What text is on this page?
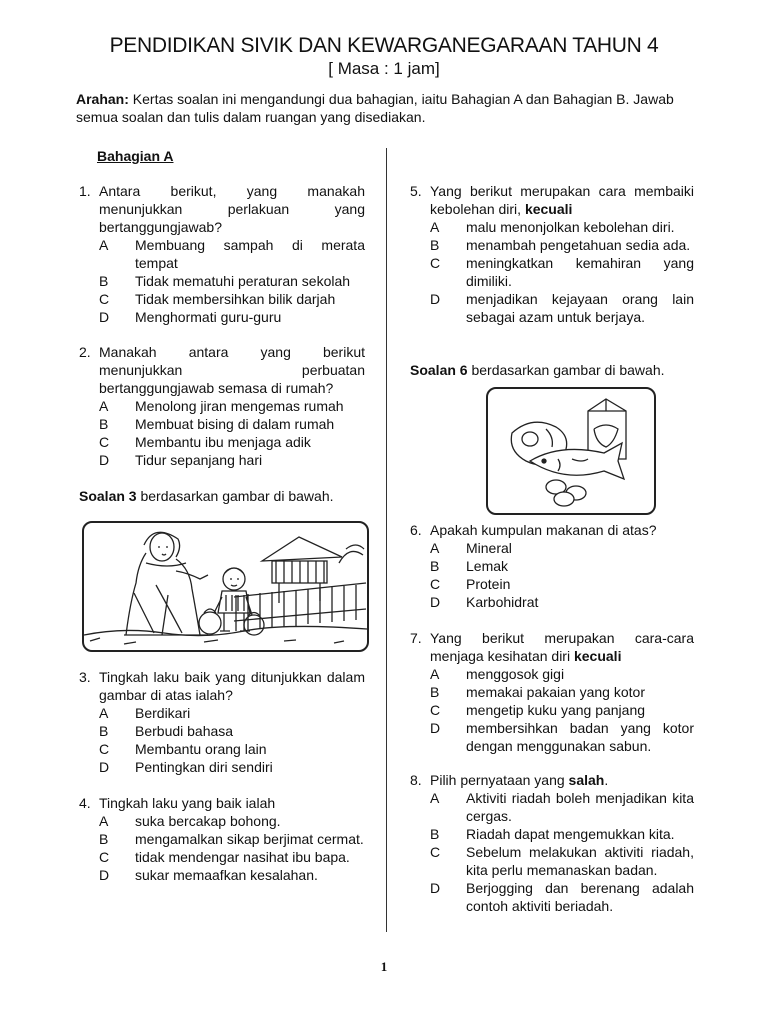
PENDIDIKAN SIVIK DAN KEWARGANEGARAAN TAHUN 4
[ Masa : 1 jam]
Arahan: Kertas soalan ini mengandungi dua bahagian, iaitu Bahagian A dan Bahagian B. Jawab semua soalan dan tulis dalam ruangan yang disediakan.
Bahagian A
1. Antara berikut, yang manakah menunjukkan perlakuan yang bertanggungjawab?
A	Membuang sampah di merata tempat
B	Tidak mematuhi peraturan sekolah
C	Tidak membersihkan bilik darjah
D	Menghormati guru-guru
2. Manakah antara yang berikut menunjukkan perbuatan bertanggungjawab semasa di rumah?
A	Menolong jiran mengemas rumah
B	Membuat bising di dalam rumah
C	Membantu ibu menjaga adik
D	Tidur sepanjang hari
Soalan 3 berdasarkan gambar di bawah.
3. Tingkah laku baik yang ditunjukkan dalam gambar di atas ialah?
A	Berdikari
B	Berbudi bahasa
C	Membantu orang lain
D	Pentingkan diri sendiri
4. Tingkah laku yang baik ialah
A	suka bercakap bohong.
B	mengamalkan sikap berjimat cermat.
C	tidak mendengar nasihat ibu bapa.
D	sukar memaafkan kesalahan.
5. Yang berikut merupakan cara membaiki kebolehan diri, kecuali
A	malu menonjolkan kebolehan diri.
B	menambah pengetahuan sedia ada.
C	meningkatkan kemahiran yang dimiliki.
D	menjadikan kejayaan orang lain sebagai azam untuk berjaya.
Soalan 6 berdasarkan gambar di bawah.
6. Apakah kumpulan makanan di atas?
A	Mineral
B	Lemak
C	Protein
D	Karbohidrat
7. Yang berikut merupakan cara-cara menjaga kesihatan diri kecuali
A	menggosok gigi
B	memakai pakaian yang kotor
C	mengetip kuku yang panjang
D	membersihkan badan yang kotor dengan menggunakan sabun.
8. Pilih pernyataan yang salah.
A	Aktiviti riadah boleh menjadikan kita cergas.
B	Riadah dapat mengemukkan kita.
C	Sebelum melakukan aktiviti riadah, kita perlu memanaskan badan.
D	Berjogging dan berenang adalah contoh aktiviti beriadah.
1
